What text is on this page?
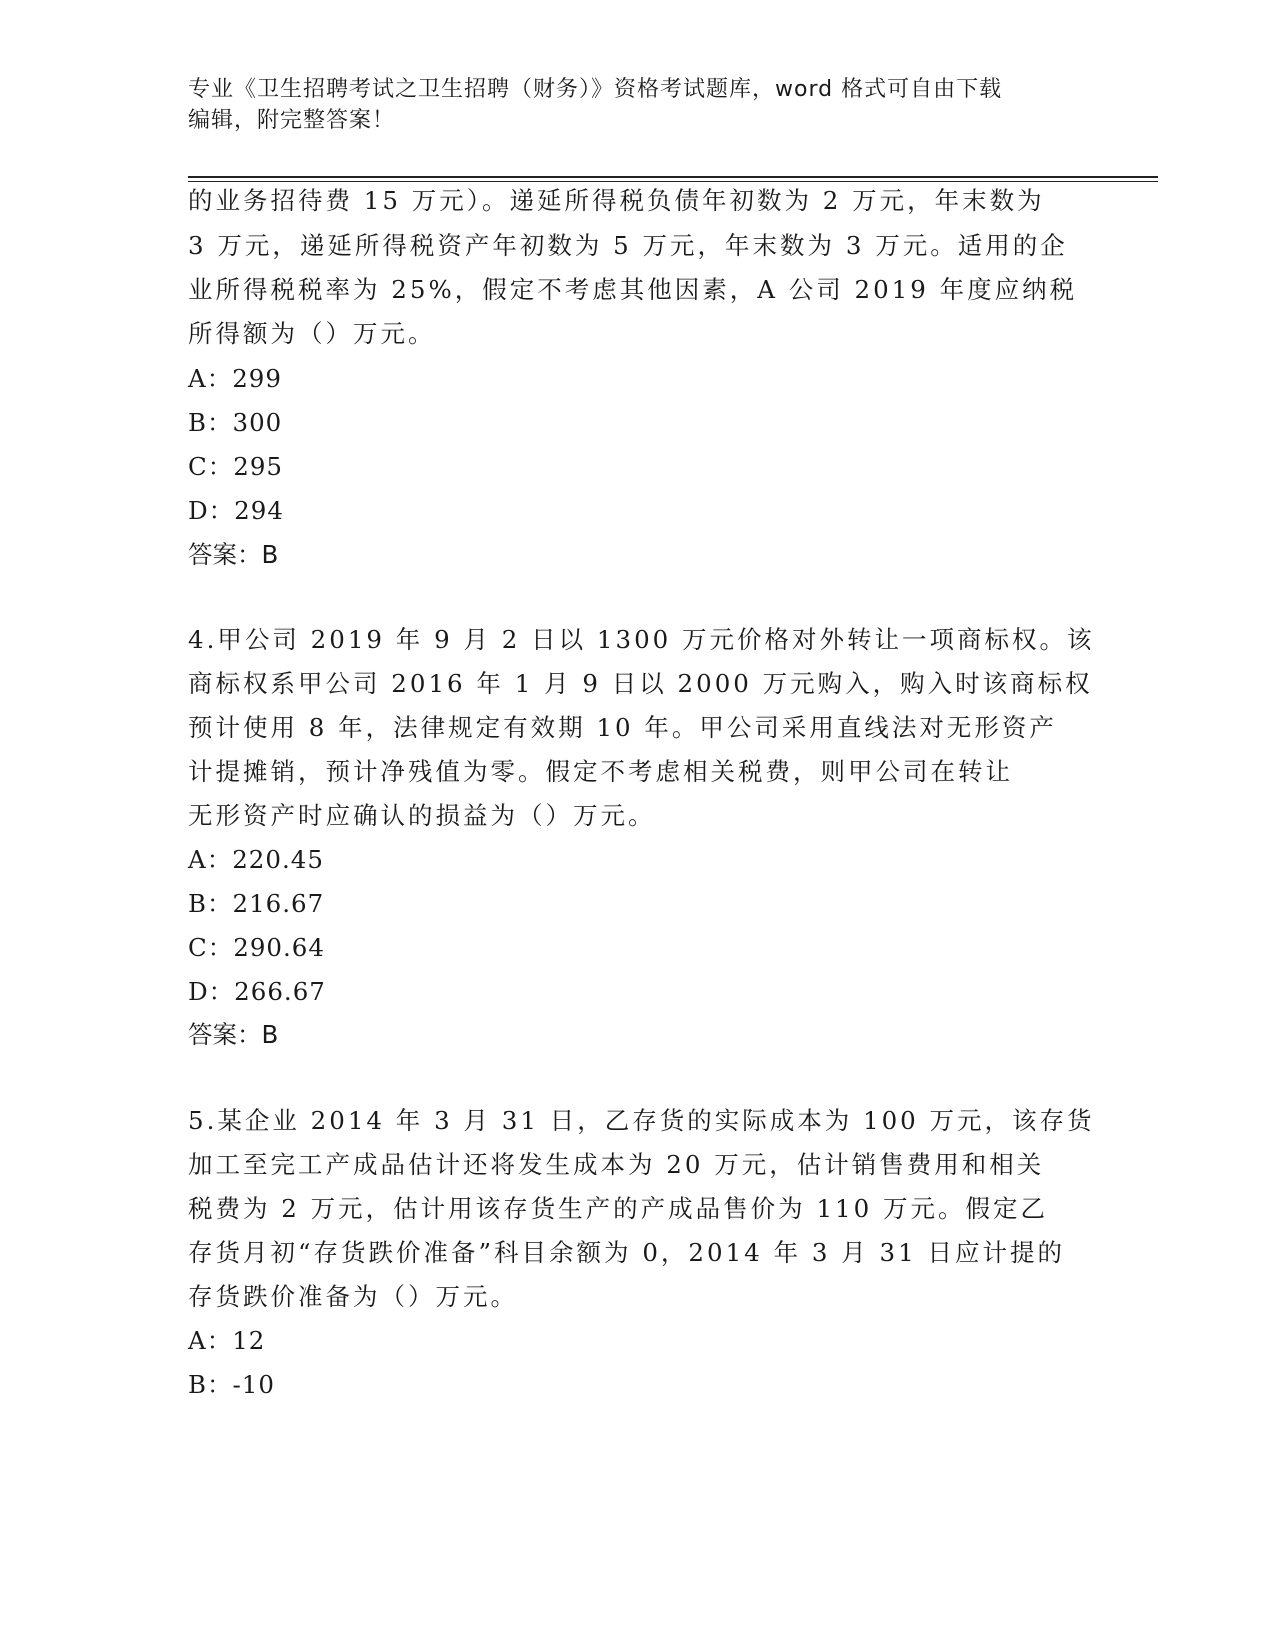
专业《卫生招聘考试之卫生招聘（财务）》资格考试题库，word 格式可自由下载

编辑，附完整答案！

的业务招待费 15 万元）。递延所得税负债年初数为 2 万元，年末数为
3 万元，递延所得税资产年初数为 5 万元，年末数为 3 万元。适用的企
业所得税税率为 25%，假定不考虑其他因素，A 公司 2019 年度应纳税
所得额为（）万元。
A：299
B：300
C：295
D：294
答案：B
4.甲公司 2019 年 9 月 2 日以 1300 万元价格对外转让一项商标权。该
商标权系甲公司 2016 年 1 月 9 日以 2000 万元购入，购入时该商标权
预计使用 8 年，法律规定有效期 10 年。甲公司采用直线法对无形资产
计提摊销，预计净残值为零。假定不考虑相关税费，则甲公司在转让
无形资产时应确认的损益为（）万元。
A：220.45
B：216.67
C：290.64
D：266.67
答案：B
5.某企业 2014 年 3 月 31 日，乙存货的实际成本为 100 万元，该存货
加工至完工产成品估计还将发生成本为 20 万元，估计销售费用和相关
税费为 2 万元，估计用该存货生产的产成品售价为 110 万元。假定乙
存货月初“存货跌价准备”科目余额为 0，2014 年 3 月 31 日应计提的
存货跌价准备为（）万元。
A：12
B：-10
